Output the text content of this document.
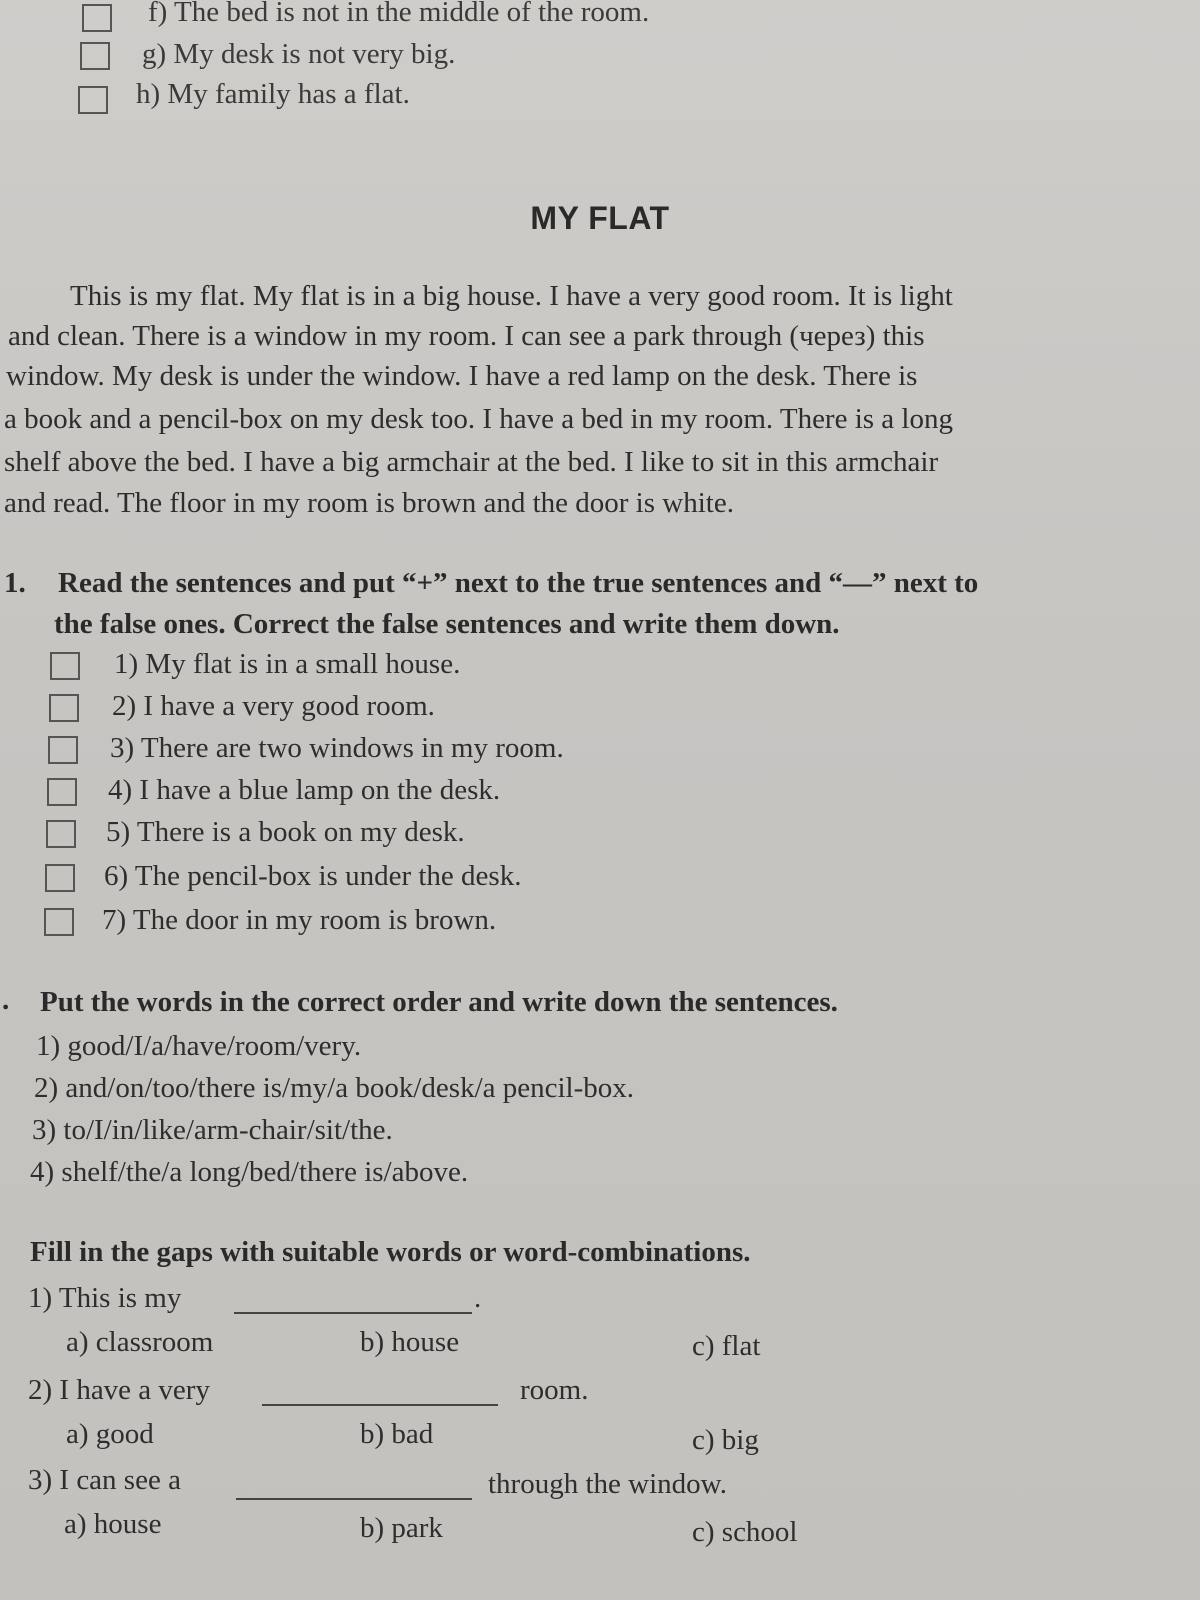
f) The bed is not in the middle of the room.
g) My desk is not very big.
h) My family has a flat.
MY FLAT
This is my flat. My flat is in a big house. I have a very good room. It is light
and clean. There is a window in my room. I can see a park through (через) this
window. My desk is under the window. I have a red lamp on the desk. There is
a book and a pencil-box on my desk too. I have a bed in my room. There is a long
shelf above the bed. I have a big armchair at the bed. I like to sit in this armchair
and read. The floor in my room is brown and the door is white.
1. Read the sentences and put “+” next to the true sentences and “—” next to
the false ones. Correct the false sentences and write them down.
1) My flat is in a small house.
2) I have a very good room.
3) There are two windows in my room.
4) I have a blue lamp on the desk.
5) There is a book on my desk.
6) The pencil-box is under the desk.
7) The door in my room is brown.
. Put the words in the correct order and write down the sentences.
1) good/I/a/have/room/very.
2) and/on/too/there is/my/a book/desk/a pencil-box.
3) to/I/in/like/arm-chair/sit/the.
4) shelf/the/a long/bed/there is/above.
Fill in the gaps with suitable words or word-combinations.
1) This is my	.
a) classroom	b) house	c) flat
2) I have a very	room.
a) good	b) bad	c) big
3) I can see a	through the window.
a) house	b) park	c) school
